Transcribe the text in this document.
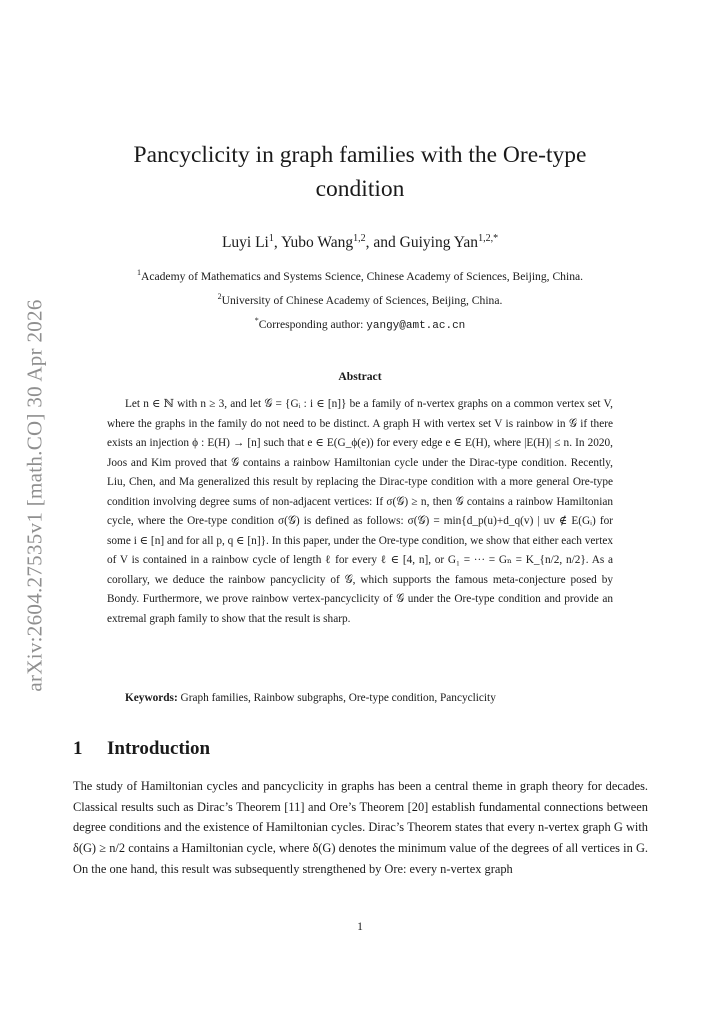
arXiv:2604.27535v1 [math.CO] 30 Apr 2026
Pancyclicity in graph families with the Ore-type condition
Luyi Li$^1$, Yubo Wang$^{1,2}$, and Guiying Yan$^{1,2,*}$
$^1$Academy of Mathematics and Systems Science, Chinese Academy of Sciences, Beijing, China.
$^2$University of Chinese Academy of Sciences, Beijing, China.
*Corresponding author: yangy@amt.ac.cn
Abstract
Let n ∈ ℕ with n ≥ 3, and let 𝒢 = {Gᵢ : i ∈ [n]} be a family of n-vertex graphs on a common vertex set V, where the graphs in the family do not need to be distinct. A graph H with vertex set V is rainbow in 𝒢 if there exists an injection ϕ : E(H) → [n] such that e ∈ E(G_ϕ(e)) for every edge e ∈ E(H), where |E(H)| ≤ n. In 2020, Joos and Kim proved that 𝒢 contains a rainbow Hamiltonian cycle under the Dirac-type condition. Recently, Liu, Chen, and Ma generalized this result by replacing the Dirac-type condition with a more general Ore-type condition involving degree sums of non-adjacent vertices: If σ(𝒢) ≥ n, then 𝒢 contains a rainbow Hamiltonian cycle, where the Ore-type condition σ(𝒢) is defined as follows: σ(𝒢) = min{d_p(u)+d_q(v) | uv ∉ E(Gᵢ) for some i ∈ [n] and for all p, q ∈ [n]}. In this paper, under the Ore-type condition, we show that either each vertex of V is contained in a rainbow cycle of length ℓ for every ℓ ∈ [4, n], or G₁ = ··· = Gₙ = K_{n/2, n/2}. As a corollary, we deduce the rainbow pancyclicity of 𝒢, which supports the famous meta-conjecture posed by Bondy. Furthermore, we prove rainbow vertex-pancyclicity of 𝒢 under the Ore-type condition and provide an extremal graph family to show that the result is sharp.
Keywords: Graph families, Rainbow subgraphs, Ore-type condition, Pancyclicity
1 Introduction
The study of Hamiltonian cycles and pancyclicity in graphs has been a central theme in graph theory for decades. Classical results such as Dirac’s Theorem [11] and Ore’s Theorem [20] establish fundamental connections between degree conditions and the existence of Hamiltonian cycles. Dirac’s Theorem states that every n-vertex graph G with δ(G) ≥ n/2 contains a Hamiltonian cycle, where δ(G) denotes the minimum value of the degrees of all vertices in G. On the one hand, this result was subsequently strengthened by Ore: every n-vertex graph
1
